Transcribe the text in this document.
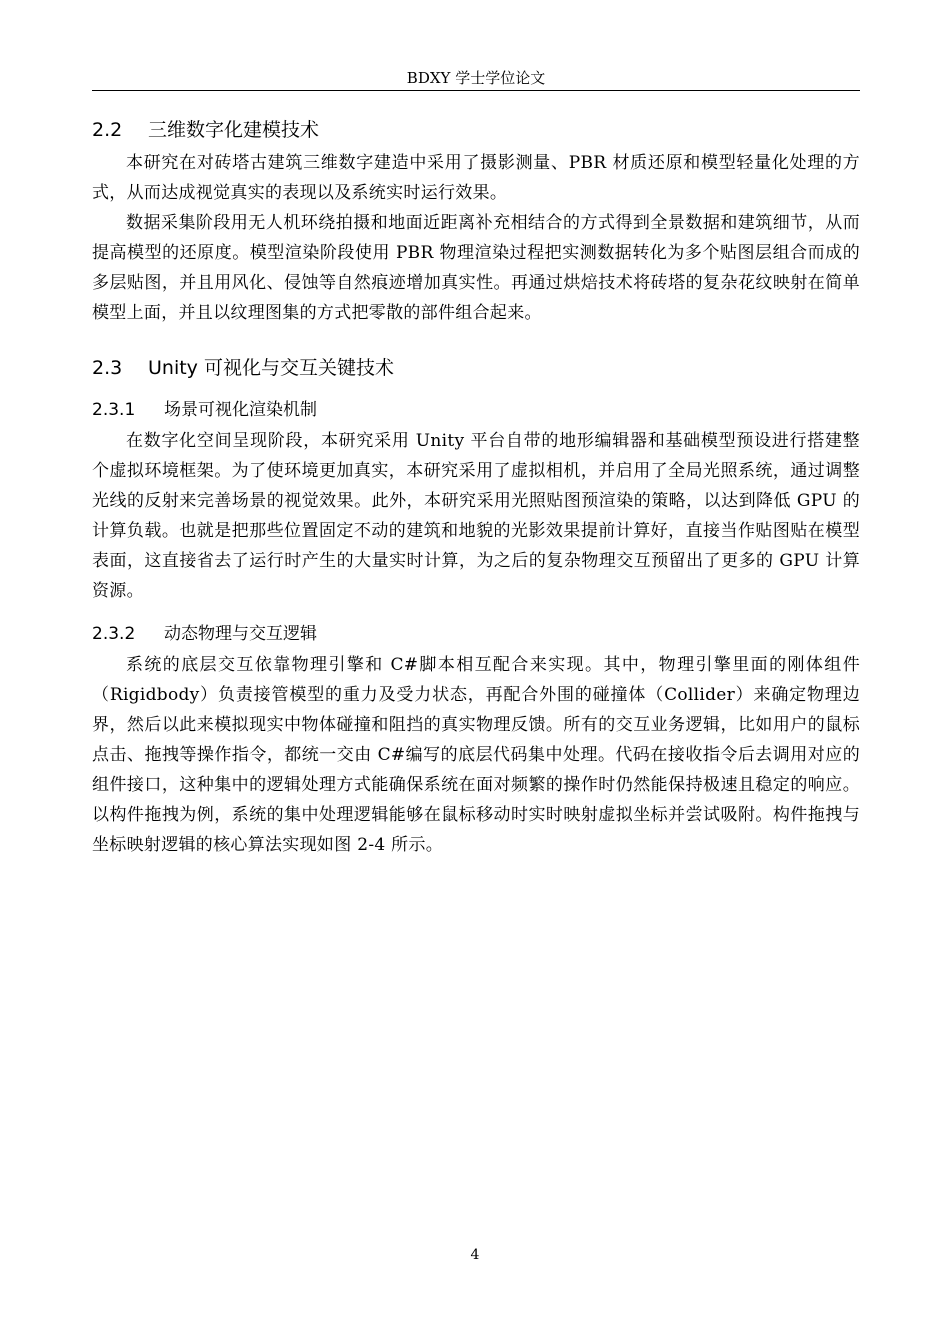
BDXY 学士学位论文
2.2 三维数字化建模技术

本研究在对砖塔古建筑三维数字建造中采用了摄影测量、PBR 材质还原和模型轻量化处理的方式，从而达成视觉真实的表现以及系统实时运行效果。

数据采集阶段用无人机环绕拍摄和地面近距离补充相结合的方式得到全景数据和建筑细节，从而提高模型的还原度。模型渲染阶段使用 PBR 物理渲染过程把实测数据转化为多个贴图层组合而成的多层贴图，并且用风化、侵蚀等自然痕迹增加真实性。再通过烘焙技术将砖塔的复杂花纹映射在简单模型上面，并且以纹理图集的方式把零散的部件组合起来。

2.3 Unity 可视化与交互关键技术
2.3.1 场景可视化渲染机制

在数字化空间呈现阶段，本研究采用 Unity 平台自带的地形编辑器和基础模型预设进行搭建整个虚拟环境框架。为了使环境更加真实，本研究采用了虚拟相机，并启用了全局光照系统，通过调整光线的反射来完善场景的视觉效果。此外，本研究采用光照贴图预渲染的策略，以达到降低 GPU 的计算负载。也就是把那些位置固定不动的建筑和地貌的光影效果提前计算好，直接当作贴图贴在模型表面，这直接省去了运行时产生的大量实时计算，为之后的复杂物理交互预留出了更多的 GPU 计算资源。

2.3.2 动态物理与交互逻辑

系统的底层交互依靠物理引擎和 C#脚本相互配合来实现。其中，物理引擎里面的刚体组件（Rigidbody）负责接管模型的重力及受力状态，再配合外围的碰撞体（Collider）来确定物理边界，然后以此来模拟现实中物体碰撞和阻挡的真实物理反馈。所有的交互业务逻辑，比如用户的鼠标点击、拖拽等操作指令，都统一交由 C#编写的底层代码集中处理。代码在接收指令后去调用对应的组件接口，这种集中的逻辑处理方式能确保系统在面对频繁的操作时仍然能保持极速且稳定的响应。以构件拖拽为例，系统的集中处理逻辑能够在鼠标移动时实时映射虚拟坐标并尝试吸附。构件拖拽与坐标映射逻辑的核心算法实现如图 2-4 所示。

4
